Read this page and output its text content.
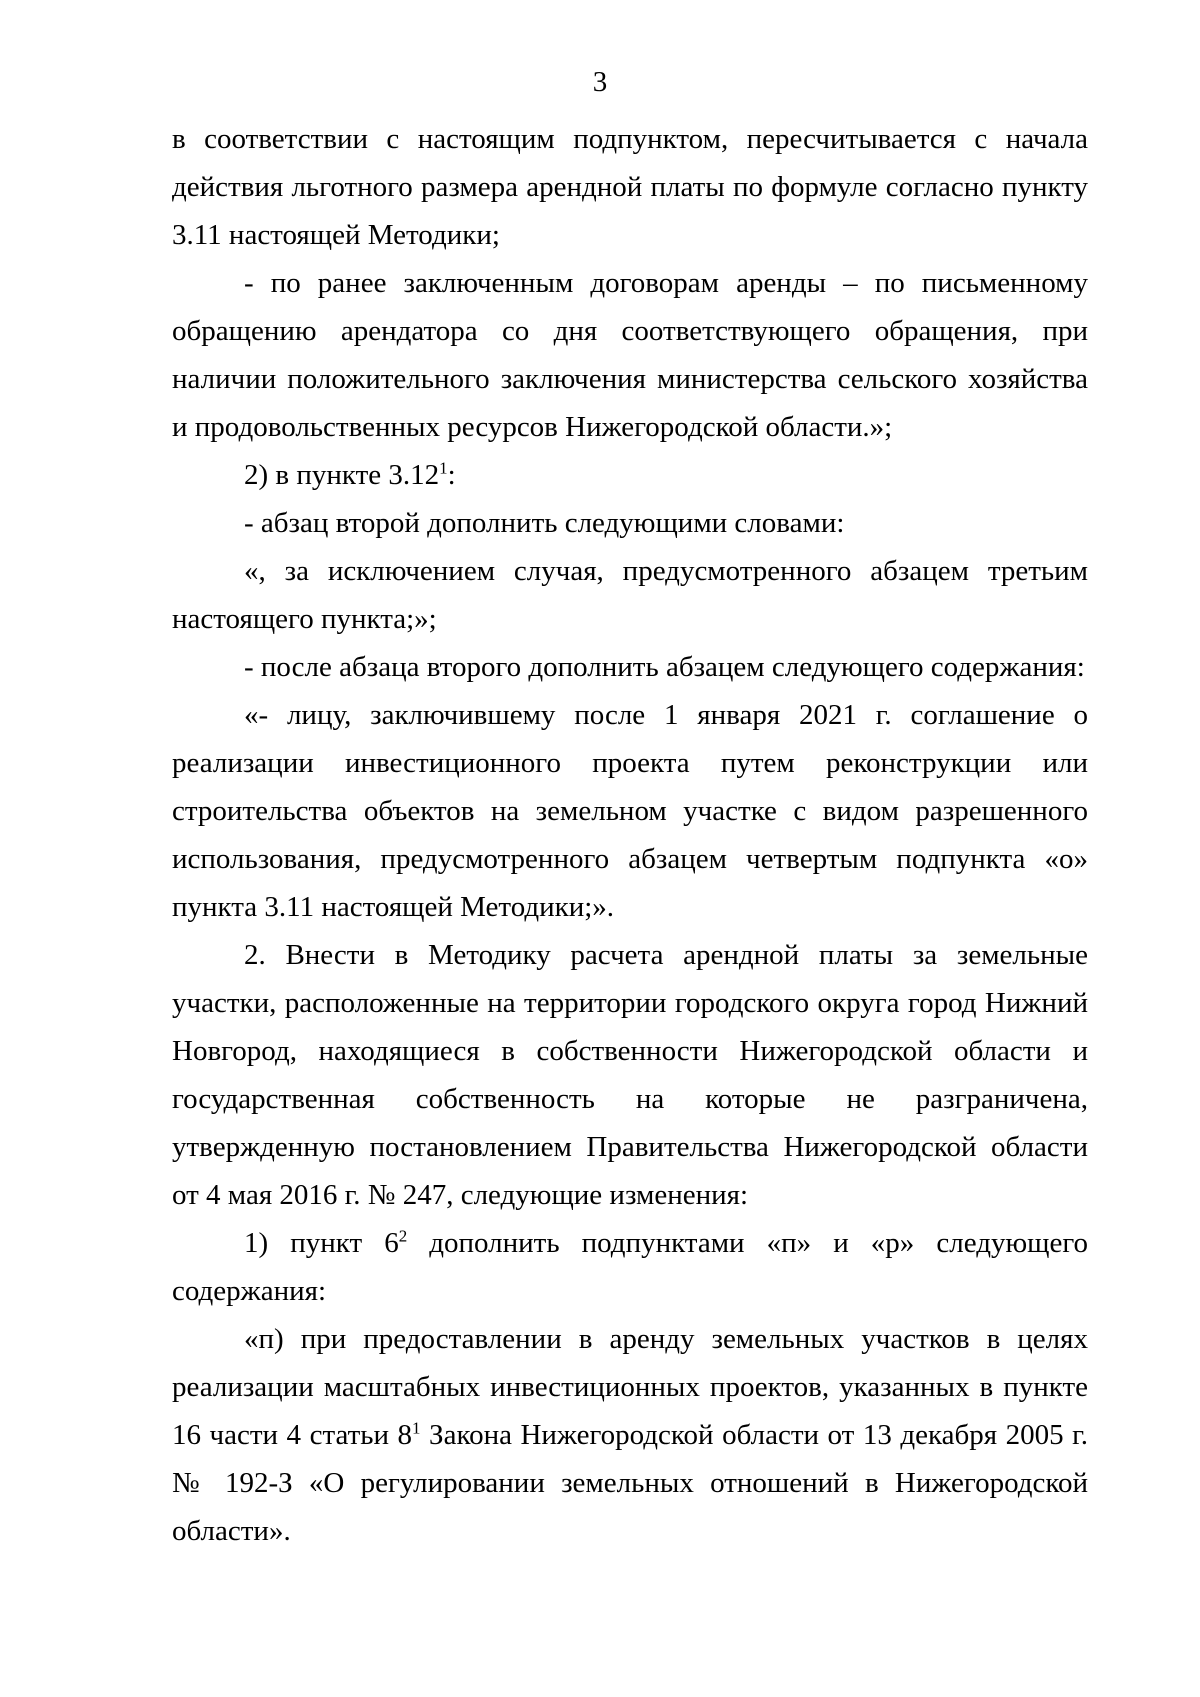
3

в соответствии с настоящим подпунктом, пересчитывается с начала действия льготного размера арендной платы по формуле согласно пункту 3.11 настоящей Методики;

- по ранее заключенным договорам аренды – по письменному обращению арендатора со дня соответствующего обращения, при наличии положительного заключения министерства сельского хозяйства и продовольственных ресурсов Нижегородской области.»;

2) в пункте 3.12$^1$:

- абзац второй дополнить следующими словами:

«, за исключением случая, предусмотренного абзацем третьим настоящего пункта;»;

- после абзаца второго дополнить абзацем следующего содержания:

«- лицу, заключившему после 1 января 2021 г. соглашение о реализации инвестиционного проекта путем реконструкции или строительства объектов на земельном участке с видом разрешенного использования, предусмотренного абзацем четвертым подпункта «о» пункта 3.11 настоящей Методики;».

2. Внести в Методику расчета арендной платы за земельные участки, расположенные на территории городского округа город Нижний Новгород, находящиеся в собственности Нижегородской области и государственная собственность на которые не разграничена, утвержденную постановлением Правительства Нижегородской области от 4 мая 2016 г. № 247, следующие изменения:

1) пункт $6^2$ дополнить подпунктами «п» и «р» следующего содержания:

«п) при предоставлении в аренду земельных участков в целях реализации масштабных инвестиционных проектов, указанных в пункте 16 части 4 статьи $8^1$ Закона Нижегородской области от 13 декабря 2005 г. № 192-З «О регулировании земельных отношений в Нижегородской области».
